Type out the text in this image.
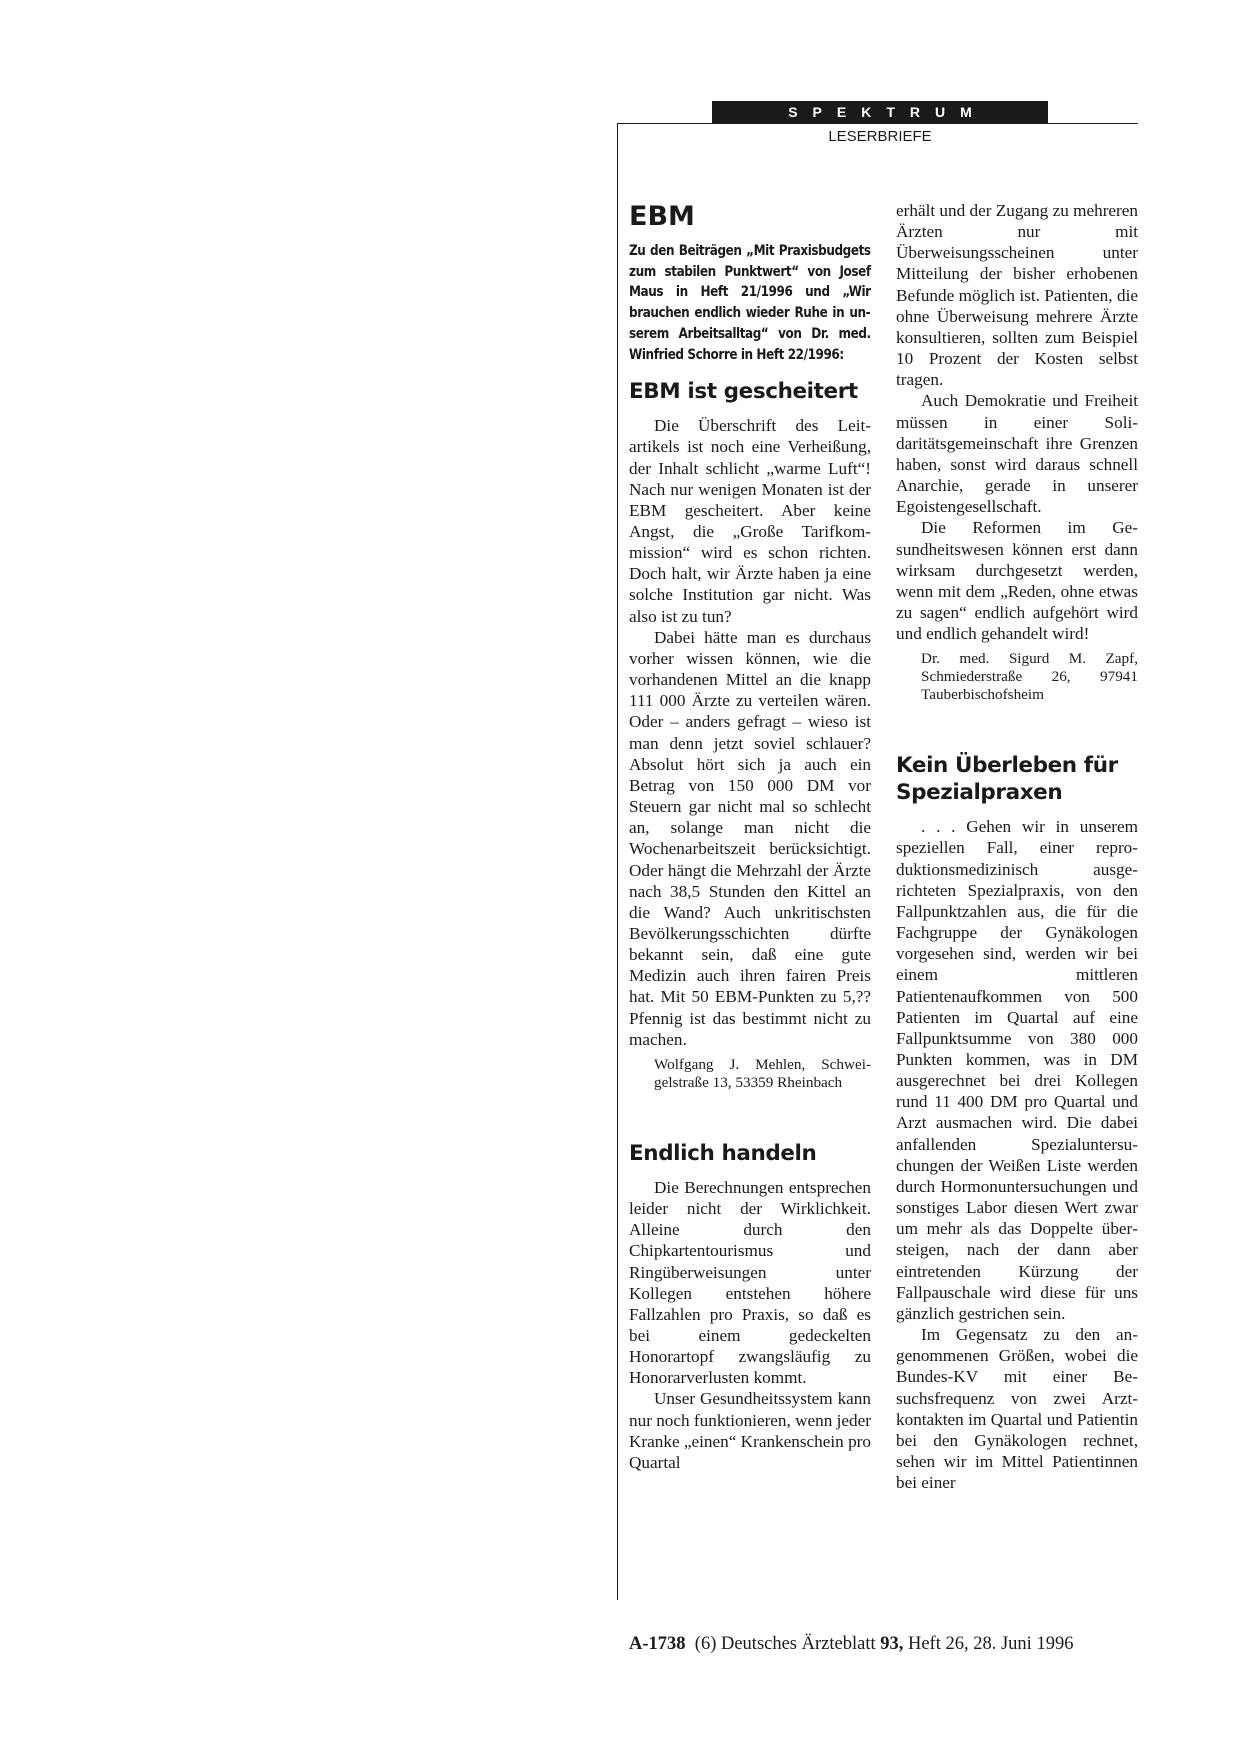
SPEKTRUM
LESERBRIEFE
EBM
Zu den Beiträgen „Mit Praxisbudgets zum stabilen Punktwert“ von Josef Maus in Heft 21/1996 und „Wir brauchen endlich wieder Ruhe in unserem Arbeitsalltag“ von Dr. med. Winfried Schorre in Heft 22/1996:
EBM ist gescheitert

Die Überschrift des Leitartikels ist noch eine Verheißung, der Inhalt schlicht „warme Luft“! Nach nur wenigen Monaten ist der EBM gescheitert. Aber keine Angst, die „Große Tarifkommission“ wird es schon richten. Doch halt, wir Ärzte haben ja eine solche Institution gar nicht. Was also ist zu tun?

Dabei hätte man es durchaus vorher wissen können, wie die vorhandenen Mittel an die knapp 111 000 Ärzte zu verteilen wären. Oder – anders gefragt – wieso ist man denn jetzt soviel schlauer? Absolut hört sich ja auch ein Betrag von 150 000 DM vor Steuern gar nicht mal so schlecht an, solange man nicht die Wochenarbeitszeit berücksichtigt. Oder hängt die Mehrzahl der Ärzte nach 38,5 Stunden den Kittel an die Wand? Auch unkritischsten Bevölkerungsschichten dürfte bekannt sein, daß eine gute Medizin auch ihren fairen Preis hat. Mit 50 EBM-Punkten zu 5,?? Pfennig ist das bestimmt nicht zu machen.

Wolfgang J. Mehlen, Schweigelstraße 13, 53359 Rheinbach
Endlich handeln

Die Berechnungen entsprechen leider nicht der Wirklichkeit. Alleine durch den Chipkartentourismus und Ringüberweisungen unter Kollegen entstehen höhere Fallzahlen pro Praxis, so daß es bei einem gedeckelten Honorartopf zwangsläufig zu Honorarverlusten kommt.

Unser Gesundheitssystem kann nur noch funktionieren, wenn jeder Kranke „einen“ Krankenschein pro Quartal

erhält und der Zugang zu mehreren Ärzten nur mit Überweisungsscheinen unter Mitteilung der bisher erhobenen Befunde möglich ist. Patienten, die ohne Überweisung mehrere Ärzte konsultieren, sollten zum Beispiel 10 Prozent der Kosten selbst tragen.

Auch Demokratie und Freiheit müssen in einer Solidaritätsgemeinschaft ihre Grenzen haben, sonst wird daraus schnell Anarchie, gerade in unserer Egoistengesellschaft.

Die Reformen im Gesundheitswesen können erst dann wirksam durchgesetzt werden, wenn mit dem „Reden, ohne etwas zu sagen“ endlich aufgehört wird und endlich gehandelt wird!

Dr. med. Sigurd M. Zapf, Schmiederstraße 26, 97941 Tauberbischofsheim
Kein Überleben für Spezialpraxen

. . . Gehen wir in unserem speziellen Fall, einer reproduktionsmedizinisch ausgerichteten Spezialpraxis, von den Fallpunktzahlen aus, die für die Fachgruppe der Gynäkologen vorgesehen sind, werden wir bei einem mittleren Patientenaufkommen von 500 Patienten im Quartal auf eine Fallpunktsumme von 380 000 Punkten kommen, was in DM ausgerechnet bei drei Kollegen rund 11 400 DM pro Quartal und Arzt ausmachen wird. Die dabei anfallenden Spezialuntersuchungen der Weißen Liste werden durch Hormonuntersuchungen und sonstiges Labor diesen Wert zwar um mehr als das Doppelte übersteigen, nach der dann aber eintretenden Kürzung der Fallpauschale wird diese für uns gänzlich gestrichen sein.

Im Gegensatz zu den angenommenen Größen, wobei die Bundes-KV mit einer Besuchsfrequenz von zwei Arztkontakten im Quartal und Patientin bei den Gynäkologen rechnet, sehen wir im Mittel Patientinnen bei einer

A-1738 (6) Deutsches Ärzteblatt 93, Heft 26, 28. Juni 1996
